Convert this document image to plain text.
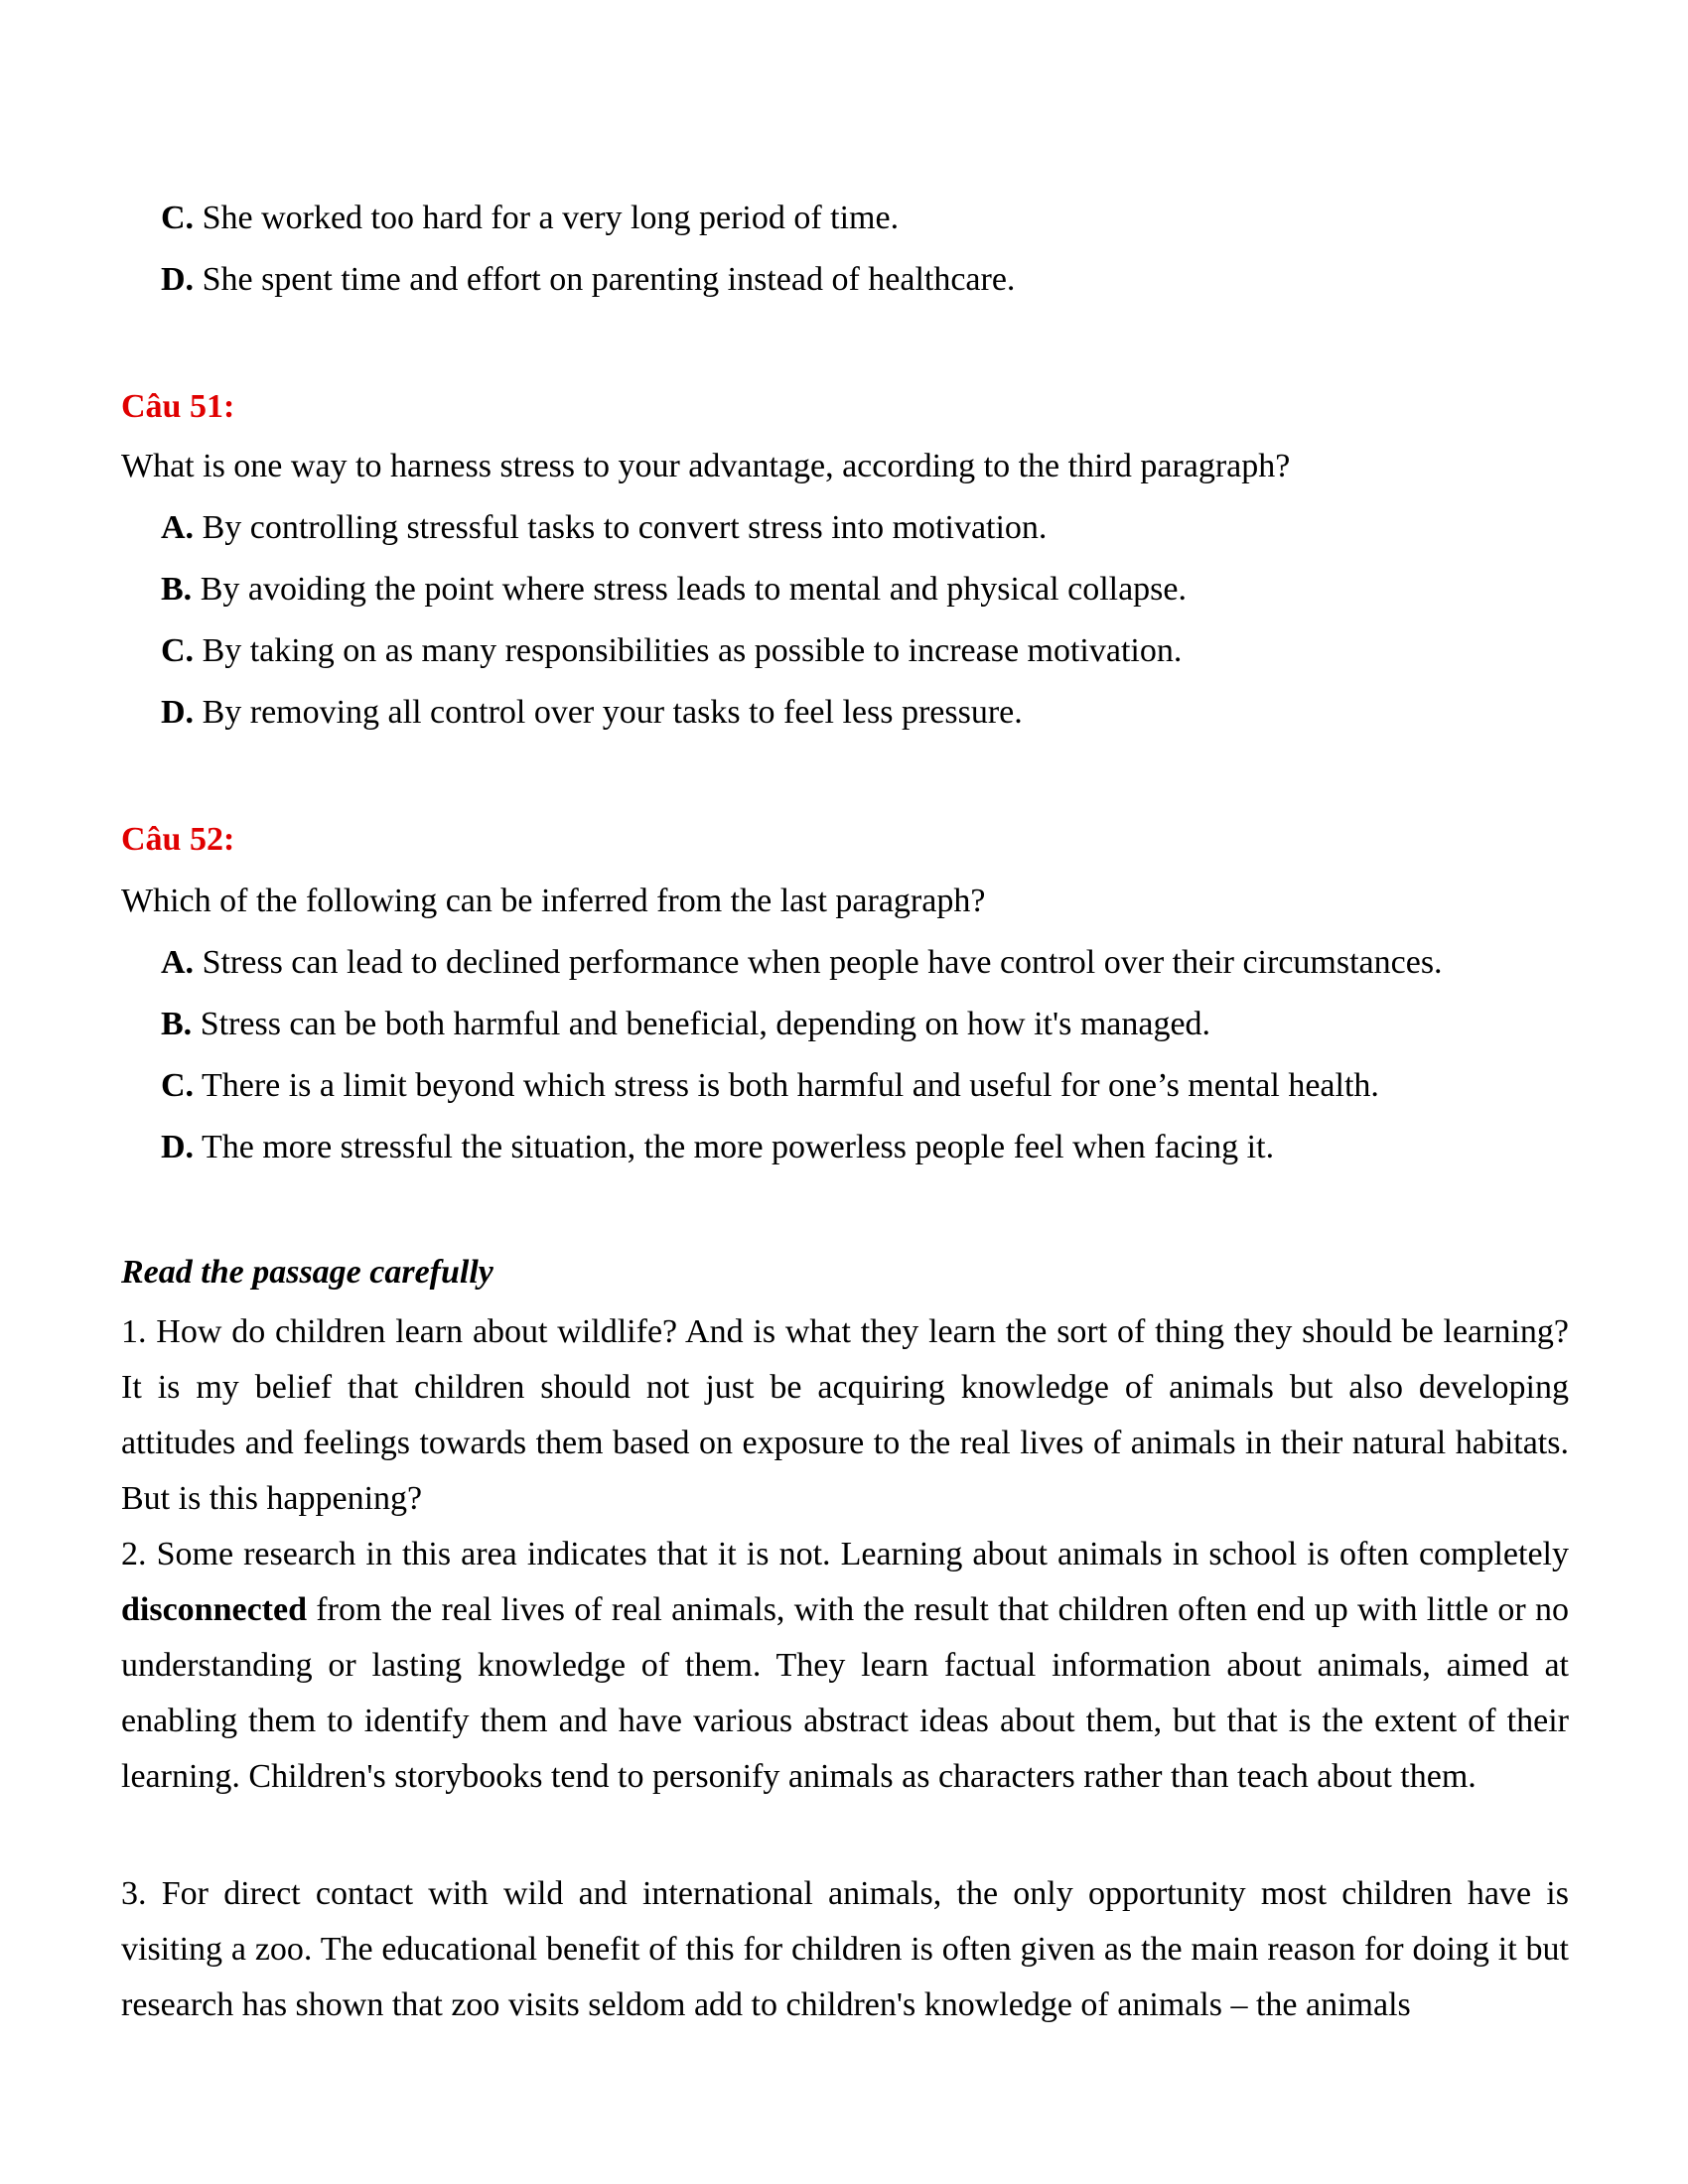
C. She worked too hard for a very long period of time.
D. She spent time and effort on parenting instead of healthcare.
Câu 51:
What is one way to harness stress to your advantage, according to the third paragraph?
A. By controlling stressful tasks to convert stress into motivation.
B. By avoiding the point where stress leads to mental and physical collapse.
C. By taking on as many responsibilities as possible to increase motivation.
D. By removing all control over your tasks to feel less pressure.
Câu 52:
Which of the following can be inferred from the last paragraph?
A. Stress can lead to declined performance when people have control over their circumstances.
B. Stress can be both harmful and beneficial, depending on how it's managed.
C. There is a limit beyond which stress is both harmful and useful for one’s mental health.
D. The more stressful the situation, the more powerless people feel when facing it.
Read the passage carefully

1. How do children learn about wildlife? And is what they learn the sort of thing they should be learning? It is my belief that children should not just be acquiring knowledge of animals but also developing attitudes and feelings towards them based on exposure to the real lives of animals in their natural habitats. But is this happening?

2. Some research in this area indicates that it is not. Learning about animals in school is often completely disconnected from the real lives of real animals, with the result that children often end up with little or no understanding or lasting knowledge of them. They learn factual information about animals, aimed at enabling them to identify them and have various abstract ideas about them, but that is the extent of their learning. Children's storybooks tend to personify animals as characters rather than teach about them.

3. For direct contact with wild and international animals, the only opportunity most children have is visiting a zoo. The educational benefit of this for children is often given as the main reason for doing it but research has shown that zoo visits seldom add to children's knowledge of animals – the animals
